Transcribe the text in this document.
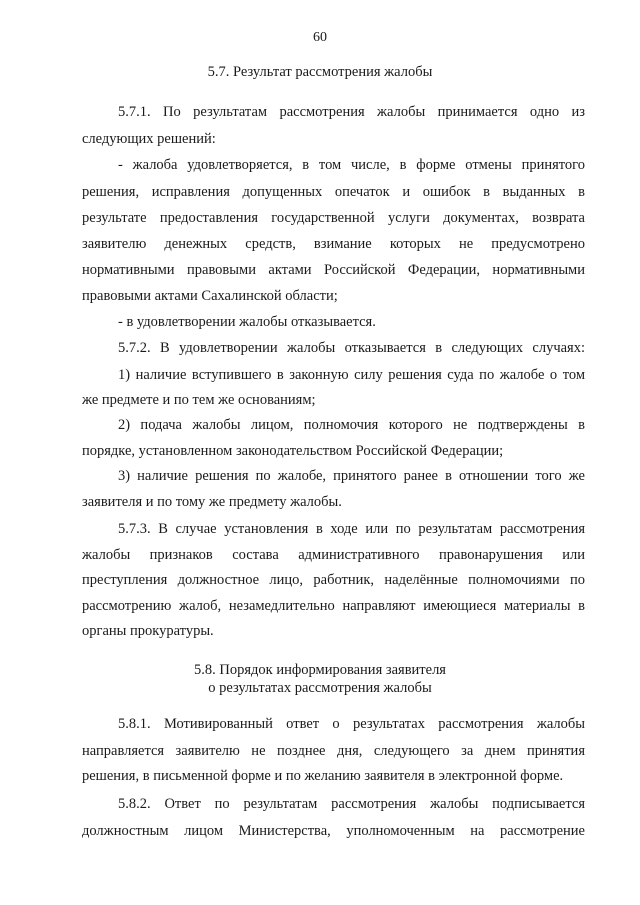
60
5.7. Результат рассмотрения жалобы
5.7.1. По результатам рассмотрения жалобы принимается одно из
следующих решений:
- жалоба удовлетворяется, в том числе, в форме отмены принятого
решения, исправления допущенных опечаток и ошибок в выданных в
результате предоставления государственной услуги документах, возврата
заявителю денежных средств, взимание которых не предусмотрено
нормативными правовыми актами Российской Федерации, нормативными
правовыми актами Сахалинской области;
- в удовлетворении жалобы отказывается.
5.7.2. В удовлетворении жалобы отказывается в следующих случаях:
1) наличие вступившего в законную силу решения суда по жалобе о том
же предмете и по тем же основаниям;
2) подача жалобы лицом, полномочия которого не подтверждены в
порядке, установленном законодательством Российской Федерации;
3) наличие решения по жалобе, принятого ранее в отношении того же
заявителя и по тому же предмету жалобы.
5.7.3. В случае установления в ходе или по результатам рассмотрения
жалобы признаков состава административного правонарушения или
преступления должностное лицо, работник, наделённые полномочиями по
рассмотрению жалоб, незамедлительно направляют имеющиеся материалы в
органы прокуратуры.
5.8. Порядок информирования заявителя
о результатах рассмотрения жалобы
5.8.1. Мотивированный ответ о результатах рассмотрения жалобы
направляется заявителю не позднее дня, следующего за днем принятия
решения, в письменной форме и по желанию заявителя в электронной форме.
5.8.2. Ответ по результатам рассмотрения жалобы подписывается
должностным лицом Министерства, уполномоченным на рассмотрение
